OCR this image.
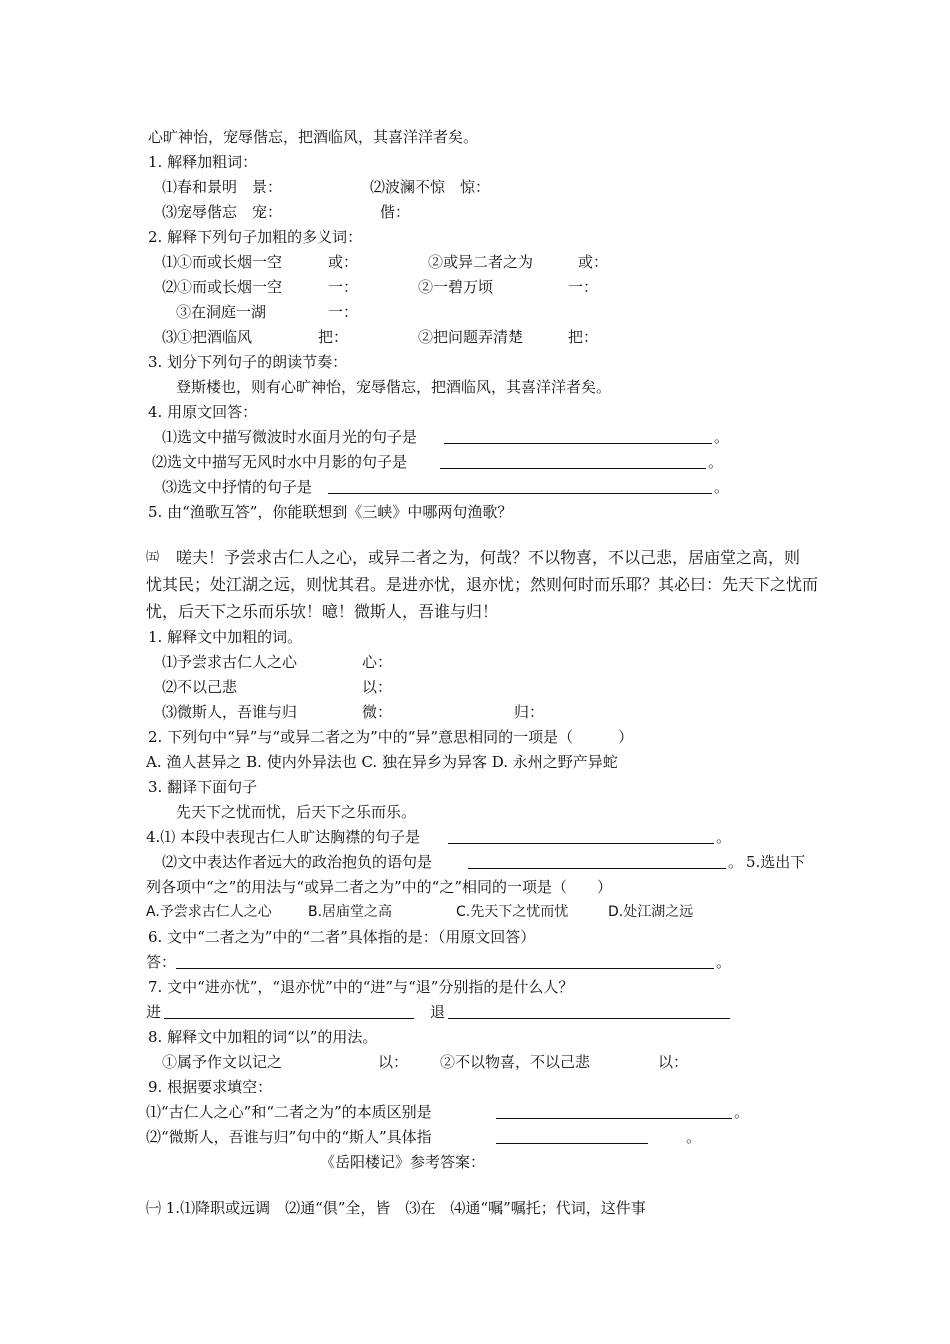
心旷神怡，宠辱偕忘，把酒临风，其喜洋洋者矣。
1. 解释加粗词：

⑴春和景明　景：

	⑵波澜不惊　惊：

⑶宠辱偕忘　宠：

	偕：

2. 解释下列句子加粗的多义词：

⑴①而或长烟一空

	或：

	②或异二者之为

	或：

⑵①而或长烟一空

	一：

	②一碧万顷

	一：

③在洞庭一湖

	一：

⑶①把酒临风

	把：

	②把问题弄清楚

	把：

3. 划分下列句子的朗读节奏：
登斯楼也，则有心旷神怡，宠辱偕忘，把酒临风，其喜洋洋者矣。
4. 用原文回答：

⑴选文中描写微波时水面月光的句子是

	。

⑵选文中描写无风时水中月影的句子是

	。

⑶选文中抒情的句子是

	。

5. 由“渔歌互答”，你能联想到《三峡》中哪两句渔歌？
㈤ 嗟夫！予尝求古仁人之心，或异二者之为，何哉？不以物喜，不以己悲，居庙堂之高，则
忧其民；处江湖之远，则忧其君。是进亦忧，退亦忧；然则何时而乐耶？其必曰：先天下之忧而
忧，后天下之乐而乐欤！噫！微斯人，吾谁与归！
1. 解释文中加粗的词。

⑴予尝求古仁人之心

	心：

⑵不以己悲

	以：

⑶微斯人，吾谁与归

	微：

	归：

2. 下列句中“异”与“或异二者之为”中的“异”意思相同的一项是（　　　）
A. 渔人甚异之 B. 使内外异法也 C. 独在异乡为异客 D. 永州之野产异蛇
3. 翻译下面句子
先天下之忧而忧，后天下之乐而乐。

4.⑴ 本段中表现古仁人旷达胸襟的句子是

	。

⑵文中表达作者远大的政治抱负的语句是

	。

5.选出下

列各项中“之”的用法与“或异二者之为”中的“之”相同的一项是（　　）

A.予尝求古仁人之心

	B.居庙堂之高

	C.先天下之忧而忧

	D.处江湖之远

6. 文中“二者之为”中的“二者”具体指的是：（用原文回答）

答：

	。

7. 文中“进亦忧”，“退亦忧”中的“进”与“退”分别指的是什么人？

进

	退

8. 解释文中加粗的词“以”的用法。

①属予作文以记之

	以：

②不以物喜，不以己悲

	以：

9. 根据要求填空：

⑴“古仁人之心”和“二者之为”的本质区别是

	。

⑵“微斯人，吾谁与归”句中的“斯人”具体指

	。

《岳阳楼记》参考答案：
㈠ 1.⑴降职或远调　⑵通“俱”全，皆　⑶在　⑷通“嘱”嘱托；代词，这件事
